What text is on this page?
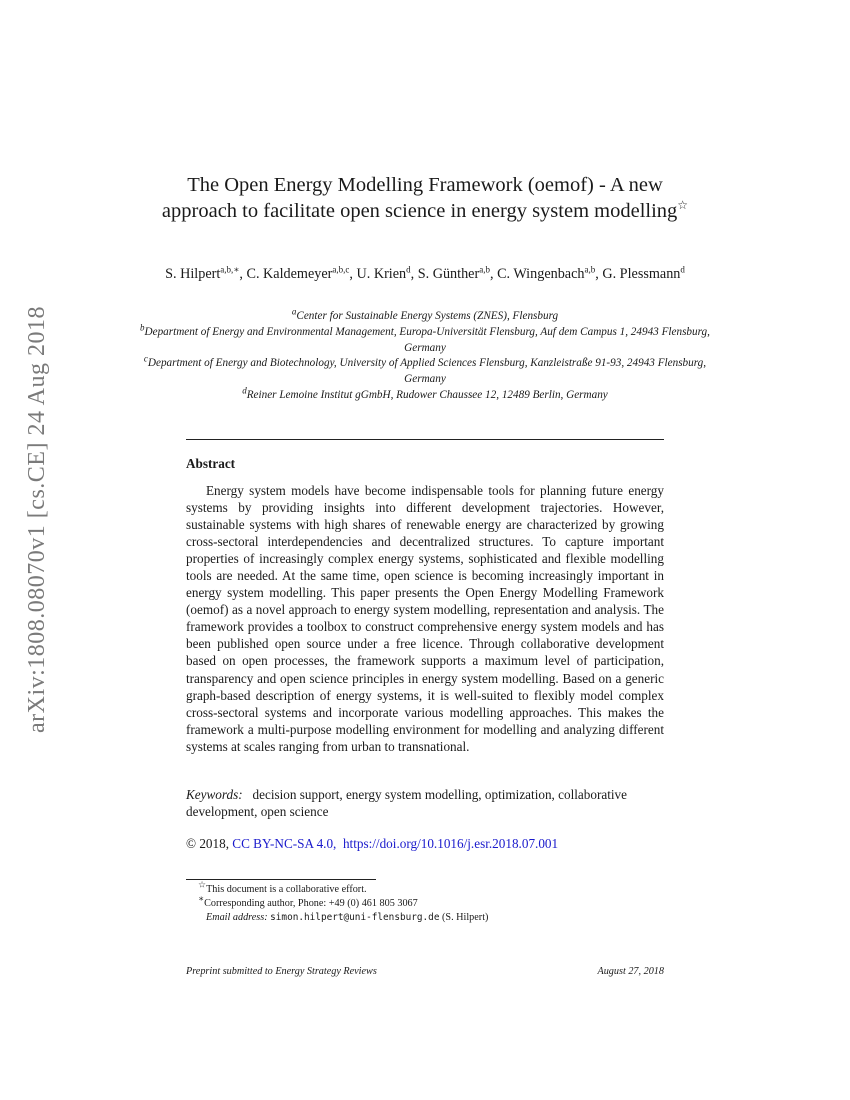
arXiv:1808.08070v1 [cs.CE] 24 Aug 2018
The Open Energy Modelling Framework (oemof) - A new approach to facilitate open science in energy system modelling☆
S. Hilpert$^{a,b,∗}$, C. Kaldemeyer$^{a,b,c}$, U. Krien$^d$, S. Günther$^{a,b}$, C. Wingenbach$^{a,b}$, G. Plessmann$^d$
$^a$Center for Sustainable Energy Systems (ZNES), Flensburg
$^b$Department of Energy and Environmental Management, Europa-Universität Flensburg, Auf dem Campus 1, 24943 Flensburg, Germany
$^c$Department of Energy and Biotechnology, University of Applied Sciences Flensburg, Kanzleistraße 91-93, 24943 Flensburg, Germany
$^d$Reiner Lemoine Institut gGmbH, Rudower Chaussee 12, 12489 Berlin, Germany
Abstract
Energy system models have become indispensable tools for planning future energy systems by providing insights into different development trajectories. However, sustainable systems with high shares of renewable energy are characterized by growing cross-sectoral interdependencies and decentralized structures. To capture important properties of increasingly complex energy systems, sophisticated and flexible modelling tools are needed. At the same time, open science is becoming increasingly important in energy system modelling. This paper presents the Open Energy Modelling Framework (oemof) as a novel approach to energy system modelling, representation and analysis. The framework provides a toolbox to construct comprehensive energy system models and has been published open source under a free licence. Through collaborative development based on open processes, the framework supports a maximum level of participation, transparency and open science principles in energy system modelling. Based on a generic graph-based description of energy systems, it is well-suited to flexibly model complex cross-sectoral systems and incorporate various modelling approaches. This makes the framework a multi-purpose modelling environment for modelling and analyzing different systems at scales ranging from urban to transnational.
Keywords: decision support, energy system modelling, optimization, collaborative development, open science
© 2018, CC BY-NC-SA 4.0, https://doi.org/10.1016/j.esr.2018.07.001
☆This document is a collaborative effort.
∗Corresponding author, Phone: +49 (0) 461 805 3067
Email address: simon.hilpert@uni-flensburg.de (S. Hilpert)
Preprint submitted to Energy Strategy Reviews	August 27, 2018
